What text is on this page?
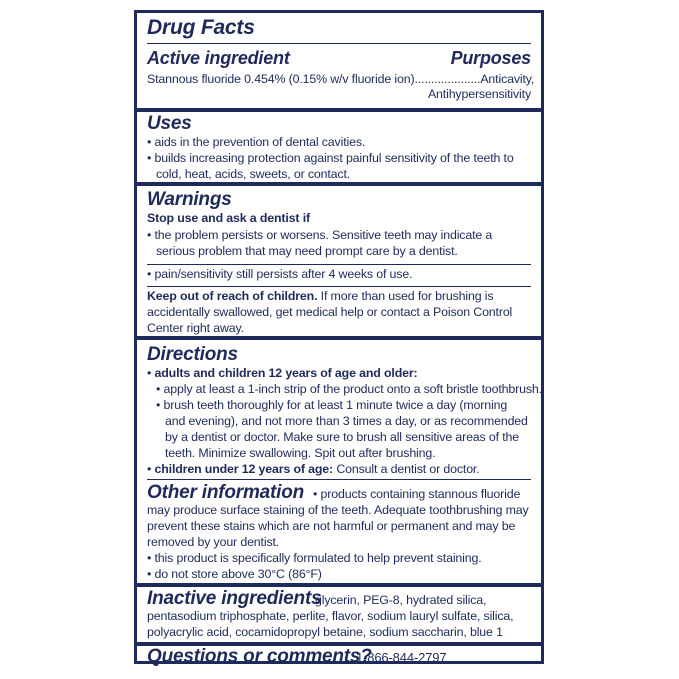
Drug Facts
Active ingredient	Purposes
Stannous fluoride 0.454% (0.15% w/v fluoride ion)....................Anticavity,
Antihypersensitivity
Uses
• aids in the prevention of dental cavities.
• builds increasing protection against painful sensitivity of the teeth to
cold, heat, acids, sweets, or contact.
Warnings
Stop use and ask a dentist if
• the problem persists or worsens. Sensitive teeth may indicate a
serious problem that may need prompt care by a dentist.
• pain/sensitivity still persists after 4 weeks of use.
Keep out of reach of children. If more than used for brushing is
accidentally swallowed, get medical help or contact a Poison Control
Center right away.
Directions
• adults and children 12 years of age and older:
• apply at least a 1-inch strip of the product onto a soft bristle toothbrush.
• brush teeth thoroughly for at least 1 minute twice a day (morning
and evening), and not more than 3 times a day, or as recommended
by a dentist or doctor. Make sure to brush all sensitive areas of the
teeth. Minimize swallowing. Spit out after brushing.
• children under 12 years of age: Consult a dentist or doctor.
Other information • products containing stannous fluoride
may produce surface staining of the teeth. Adequate toothbrushing may
prevent these stains which are not harmful or permanent and may be
removed by your dentist.
• this product is specifically formulated to help prevent staining.
• do not store above 30°C (86°F)
Inactive ingredients
glycerin, PEG-8, hydrated silica,
pentasodium triphosphate, perlite, flavor, sodium lauryl sulfate, silica,
polyacrylic acid, cocamidopropyl betaine, sodium saccharin, blue 1
Questions or comments?
1-866-844-2797
